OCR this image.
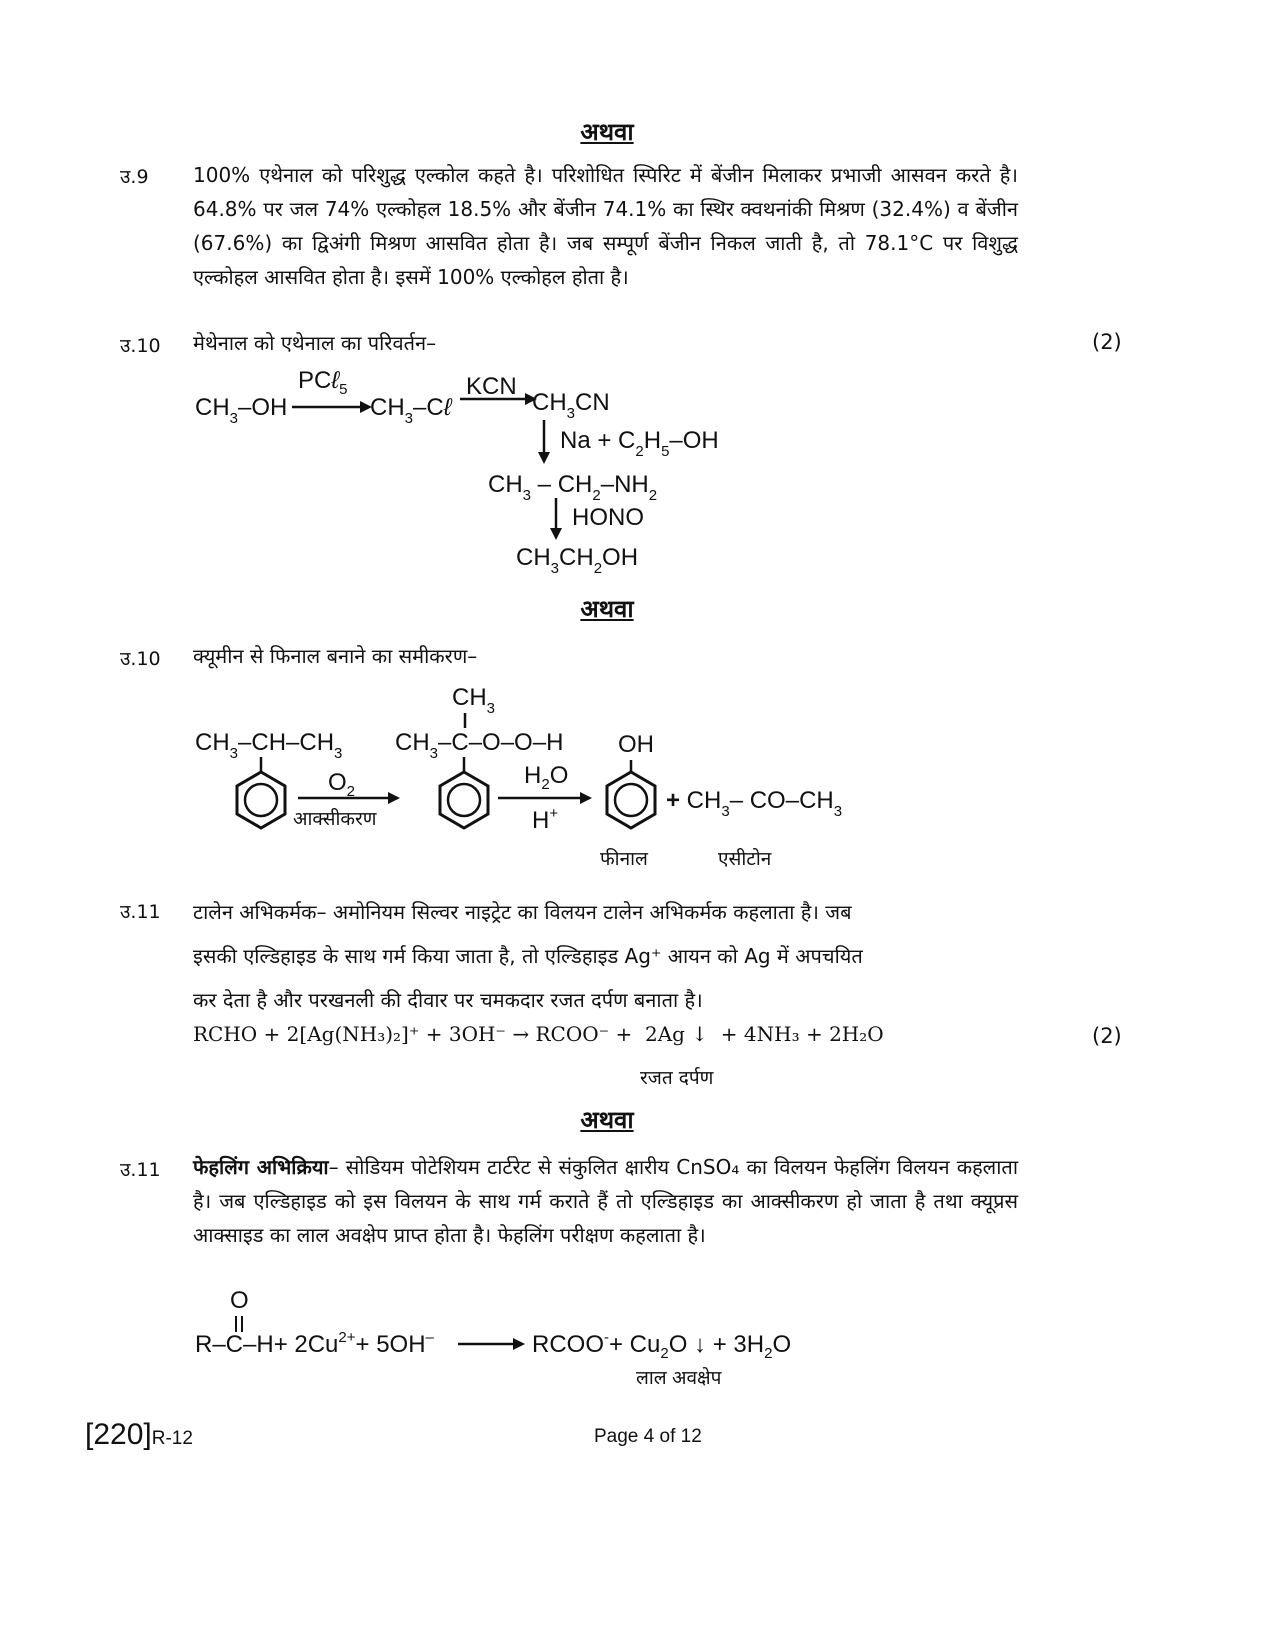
अथवा
उ.9 100% एथेनाल को परिशुद्ध एल्कोल कहते है। परिशोधित स्पिरिट में बेंजीन मिलाकर प्रभाजी आसवन करते है। 64.8% पर जल 74% एल्कोहल 18.5% और बेंजीन 74.1% का स्थिर क्वथनांकी मिश्रण (32.4%) व बेंजीन (67.6%) का द्विअंगी मिश्रण आसवित होता है। जब सम्पूर्ण बेंजीन निकल जाती है, तो 78.1°C पर विशुद्ध एल्कोहल आसवित होता है। इसमें 100% एल्कोहल होता है।
उ.10 मेथेनाल को एथेनाल का परिवर्तन–	(2)
$CH_3-OH$
PCℓ$_5$
$CH_3-C\ell$
KCN
$CH_3CN$
$Na + C_2H_5-OH$
$CH_3 - CH_2-NH_2$
HONO
$CH_3CH_2OH$
अथवा
उ.10 क्यूमीन से फिनाल बनाने का समीकरण–
$CH_3-CH-CH_3$
$O_2$
आक्सीकरण
$CH_3$
$CH_3-C-O-O-H$
$H_2O$
H+
OH
+ $CH_3-$ $CO-CH_3$
फीनाल	एसीटोन
उ.11 टालेन अभिकर्मक– अमोनियम सिल्वर नाइट्रेट का विलयन टालेन अभिकर्मक कहलाता है। जब
इसकी एल्डिहाइड के साथ गर्म किया जाता है, तो एल्डिहाइड Ag⁺ आयन को Ag में अपचयित
कर देता है और परखनली की दीवार पर चमकदार रजत दर्पण बनाता है।
RCHO + 2[Ag(NH₃)₂]⁺ + 3OH⁻ → RCOO⁻ +  2Ag ↓  + 4NH₃ + 2H₂O	(2)
रजत दर्पण
अथवा
उ.11 फेहलिंग अभिक्रिया– सोडियम पोटेशियम टार्टरेट से संकुलित क्षारीय CnSO₄ का विलयन फेहलिंग विलयन कहलाता है। जब एल्डिहाइड को इस विलयन के साथ गर्म कराते हैं तो एल्डिहाइड का आक्सीकरण हो जाता है तथा क्यूप्रस आक्साइड का लाल अवक्षेप प्राप्त होता है। फेहलिंग परीक्षण कहलाता है।
O
$R-C-H+ 2Cu^{2+}+ 5OH^-$	RCOO-+ $Cu_2O$ ↓ + $3H_2O$
लाल अवक्षेप
[220]R-12	Page 4 of 12
